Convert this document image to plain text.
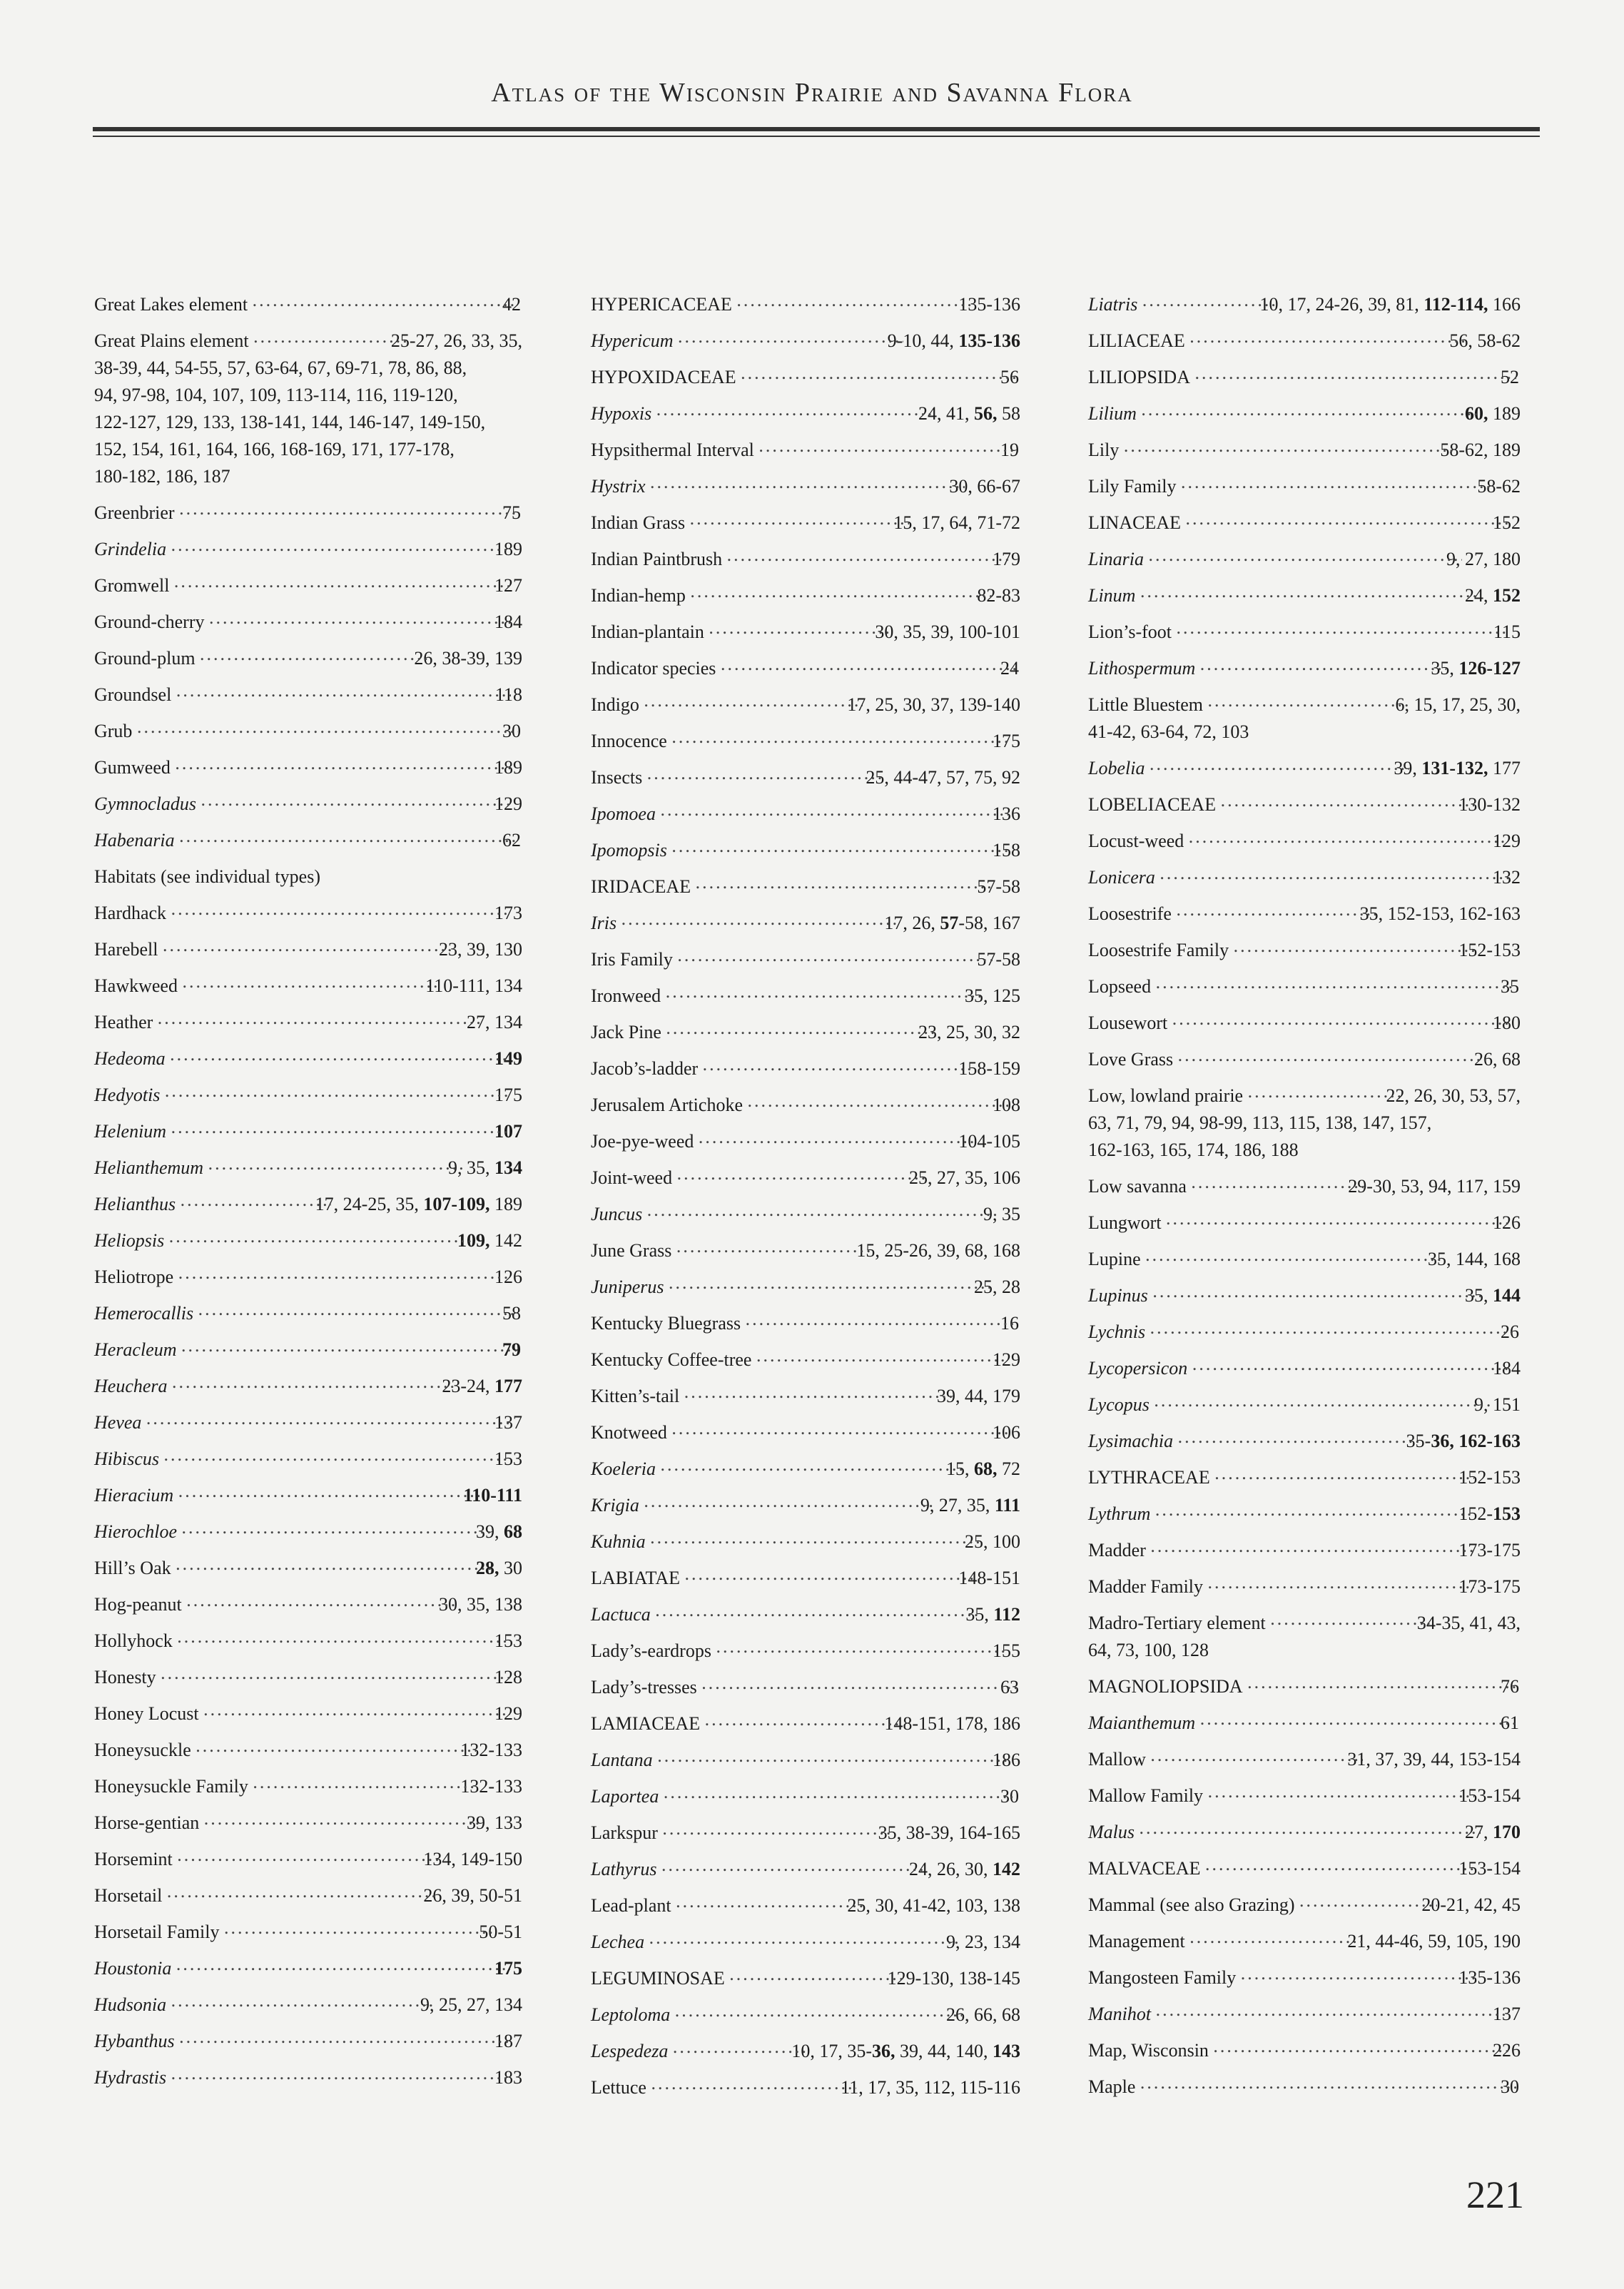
Atlas of the Wisconsin Prairie and Savanna Flora
Great Lakes element .....	42
Great Plains element .....	25-27, 26, 33, 35,
38-39, 44, 54-55, 57, 63-64, 67, 69-71, 78, 86, 88,
94, 97-98, 104, 107, 109, 113-114, 116, 119-120,
122-127, 129, 133, 138-141, 144, 146-147, 149-150,
152, 154, 161, 164, 166, 168-169, 171, 177-178,
180-182, 186, 187
Greenbrier .....	75
Grindelia .....	189
Gromwell .....	127
Ground-cherry .....	184
Ground-plum .....	26, 38-39, 139
Groundsel .....	118
Grub .....	30
Gumweed .....	189
Gymnocladus .....	129
Habenaria .....	62
Habitats (see individual types)
Hardhack .....	173
Harebell .....	23, 39, 130
Hawkweed .....	110-111, 134
Heather .....	27, 134
Hedeoma .....	149
Hedyotis .....	175
Helenium .....	107
Helianthemum .....	9, 35, 134
Helianthus .....	17, 24-25, 35, 107-109, 189
Heliopsis .....	109, 142
Heliotrope .....	126
Hemerocallis .....	58
Heracleum .....	79
Heuchera .....	23-24, 177
Hevea .....	137
Hibiscus .....	153
Hieracium .....	110-111
Hierochloe .....	39, 68
Hill’s Oak .....	28, 30
Hog-peanut .....	30, 35, 138
Hollyhock .....	153
Honesty .....	128
Honey Locust .....	129
Honeysuckle .....	132-133
Honeysuckle Family .....	132-133
Horse-gentian .....	39, 133
Horsemint .....	134, 149-150
Horsetail .....	26, 39, 50-51
Horsetail Family .....	50-51
Houstonia .....	175
Hudsonia .....	9, 25, 27, 134
Hybanthus .....	187
Hydrastis .....	183
HYPERICACEAE .....	135-136
Hypericum .....	9-10, 44, 135-136
HYPOXIDACEAE .....	56
Hypoxis .....	24, 41, 56, 58
Hypsithermal Interval .....	19
Hystrix .....	30, 66-67
Indian Grass .....	15, 17, 64, 71-72
Indian Paintbrush .....	179
Indian-hemp .....	82-83
Indian-plantain .....	30, 35, 39, 100-101
Indicator species .....	24
Indigo .....	17, 25, 30, 37, 139-140
Innocence .....	175
Insects .....	25, 44-47, 57, 75, 92
Ipomoea .....	136
Ipomopsis .....	158
IRIDACEAE .....	57-58
Iris .....	17, 26, 57-58, 167
Iris Family .....	57-58
Ironweed .....	35, 125
Jack Pine .....	23, 25, 30, 32
Jacob’s-ladder .....	158-159
Jerusalem Artichoke .....	108
Joe-pye-weed .....	104-105
Joint-weed .....	25, 27, 35, 106
Juncus .....	9, 35
June Grass .....	15, 25-26, 39, 68, 168
Juniperus .....	25, 28
Kentucky Bluegrass .....	16
Kentucky Coffee-tree .....	129
Kitten’s-tail .....	39, 44, 179
Knotweed .....	106
Koeleria .....	15, 68, 72
Krigia .....	9, 27, 35, 111
Kuhnia .....	25, 100
LABIATAE .....	148-151
Lactuca .....	35, 112
Lady’s-eardrops .....	155
Lady’s-tresses .....	63
LAMIACEAE .....	148-151, 178, 186
Lantana .....	186
Laportea .....	30
Larkspur .....	35, 38-39, 164-165
Lathyrus .....	24, 26, 30, 142
Lead-plant .....	25, 30, 41-42, 103, 138
Lechea .....	9, 23, 134
LEGUMINOSAE .....	129-130, 138-145
Leptoloma .....	26, 66, 68
Lespedeza .....	10, 17, 35-36, 39, 44, 140, 143
Lettuce .....	11, 17, 35, 112, 115-116
Liatris .....	10, 17, 24-26, 39, 81, 112-114, 166
LILIACEAE .....	56, 58-62
LILIOPSIDA .....	52
Lilium .....	60, 189
Lily .....	58-62, 189
Lily Family .....	58-62
LINACEAE .....	152
Linaria .....	9, 27, 180
Linum .....	24, 152
Lion’s-foot .....	115
Lithospermum .....	35, 126-127
Little Bluestem .....	6, 15, 17, 25, 30,
41-42, 63-64, 72, 103
Lobelia .....	39, 131-132, 177
LOBELIACEAE .....	130-132
Locust-weed .....	129
Lonicera .....	132
Loosestrife .....	35, 152-153, 162-163
Loosestrife Family .....	152-153
Lopseed .....	35
Lousewort .....	180
Love Grass .....	26, 68
Low, lowland prairie .....	22, 26, 30, 53, 57,
63, 71, 79, 94, 98-99, 113, 115, 138, 147, 157,
162-163, 165, 174, 186, 188
Low savanna .....	29-30, 53, 94, 117, 159
Lungwort .....	126
Lupine .....	35, 144, 168
Lupinus .....	35, 144
Lychnis .....	26
Lycopersicon .....	184
Lycopus .....	9, 151
Lysimachia .....	35-36, 162-163
LYTHRACEAE .....	152-153
Lythrum .....	152-153
Madder .....	173-175
Madder Family .....	173-175
Madro-Tertiary element .....	34-35, 41, 43,
64, 73, 100, 128
MAGNOLIOPSIDA .....	76
Maianthemum .....	61
Mallow .....	31, 37, 39, 44, 153-154
Mallow Family .....	153-154
Malus .....	27, 170
MALVACEAE .....	153-154
Mammal (see also Grazing) .....	20-21, 42, 45
Management .....	21, 44-46, 59, 105, 190
Mangosteen Family .....	135-136
Manihot .....	137
Map, Wisconsin .....	226
Maple .....	30
221
